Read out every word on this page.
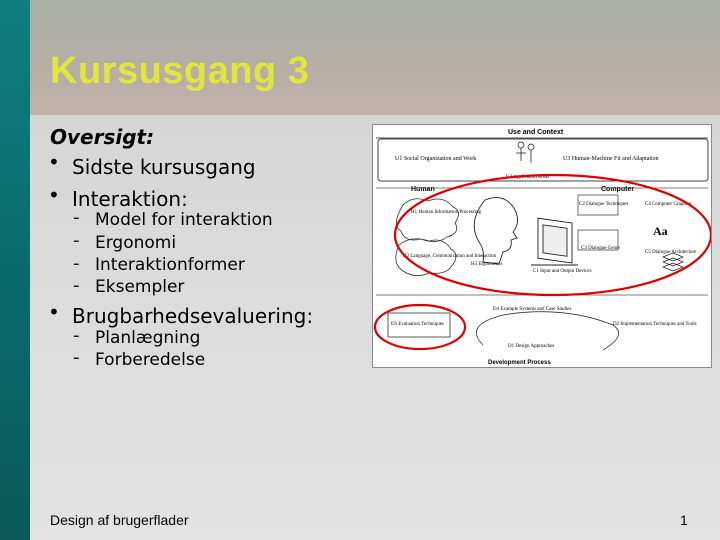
Kursusgang 3
Oversigt:
• Sidste kursusgang
• Interaktion:
- Model for interaktion
- Ergonomi
- Interaktionformer
- Eksempler
• Brugbarhedsevaluering:
- Planlægning
- Forberedelse
Use and Context
U1 Social Organization and Work	U3 Human-Machine Fit and Adaptation
U2 Application Areas
Human	Computer
H1 Human Information Processing
H2 Language, Communication and Interaction
H3 Ergonomics
C1 Input and Output Devices
C2 Dialogue Techniques
C3 Dialogue Genre
C4 Computer Graphics
C5 Dialogue Architecture
Aa
D3 Evaluation Techniques
D4 Example Systems and Case Studies
D1 Design Approaches
D2 Implementation Techniques and Tools
Development Process
Design af brugerflader	1
